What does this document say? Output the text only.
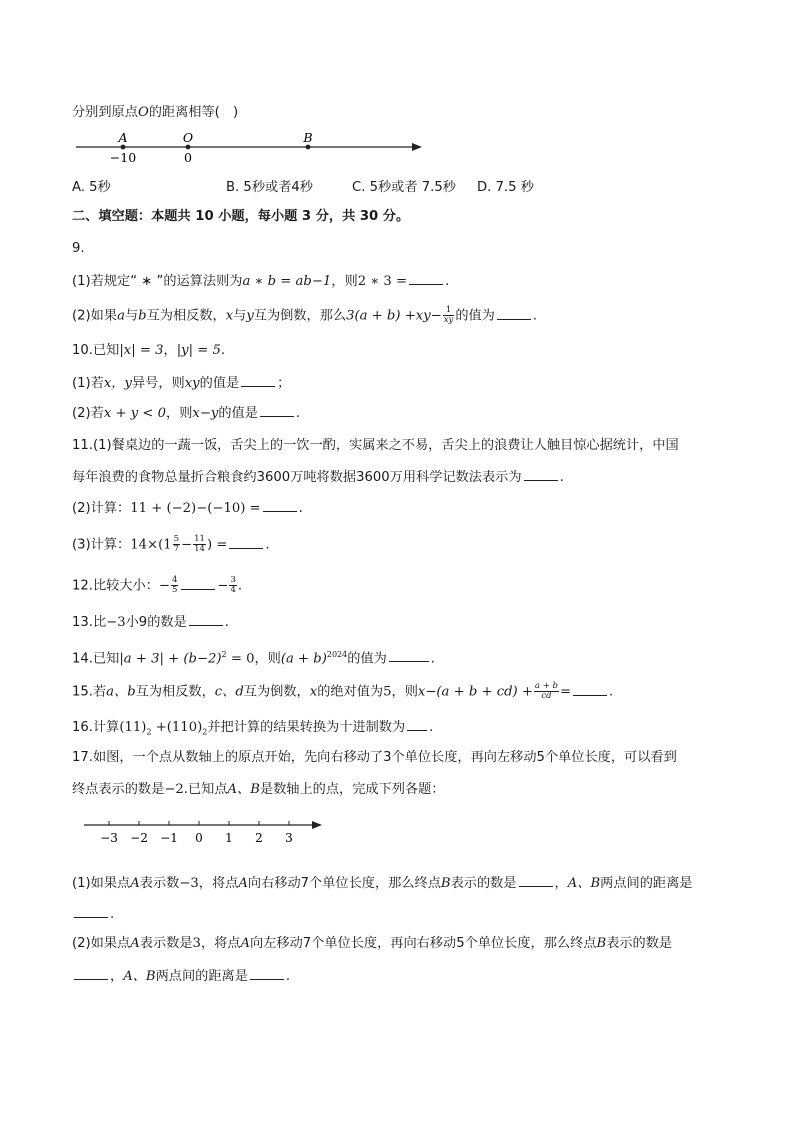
分别到原点O的距离相等(　)
A	O	B
−10	0
A. 5秒	B. 5秒或者4秒	C. 5秒或者 7.5秒 D. 7.5 秒
二、填空题：本题共 10 小题，每小题 3 分，共 30 分。
9.
(1)若规定“ ∗ ”的运算法则为a ∗ b = ab−1，则2 ∗ 3 =	.
(2)如果a与b互为相反数，x与y互为倒数，那么$3(a + b) +xy- \frac{1}{xy}$ 的值为	.
10.已知|x| = 3，|y| = 5.
(1)若x，y异号，则xy的值是	；
(2)若x + y < 0，则x−y的值是	.
11.(1)餐桌边的一蔬一饭，舌尖上的一饮一酌，实属来之不易，舌尖上的浪费让人触目惊心据统计，中国
每年浪费的食物总量折合粮食约3600万吨将数据3600万用科学记数法表示为	.
(2)计算：11 + (−2)−(−10) =	.
(3)计算：$14\times(1 \frac{5}{7} - \frac{11}{14}$ ) =	.
12.比较大小：− $\frac{4}{5}$	− $\frac{3}{4}$ .
13.比−3小9的数是	.
14.已知$|a + 3| + (b-2)^2 = 0$，则$(a + b)^{2024}$的值为	.
15.若a、b互为相反数，c、d互为倒数，x的绝对值为5，则$x-(a + b + cd) + \frac{a + b}{cd}$ =	.
16.计算$(11)_2 +(110)_2$并把计算的结果转换为十进制数为 .
17.如图，一个点从数轴上的原点开始，先向右移动了3个单位长度，再向左移动5个单位长度，可以看到
终点表示的数是−2.已知点A、B是数轴上的点，完成下列各题：
−3 −2 −1 0 1 2 3
(1)如果点A表示数−3，将点A向右移动7个单位长度，那么终点B表示的数是	，A、B两点间的距离是
.
(2)如果点A表示数是3，将点A向左移动7个单位长度，再向右移动5个单位长度，那么终点B表示的数是
，A、B两点间的距离是	.
